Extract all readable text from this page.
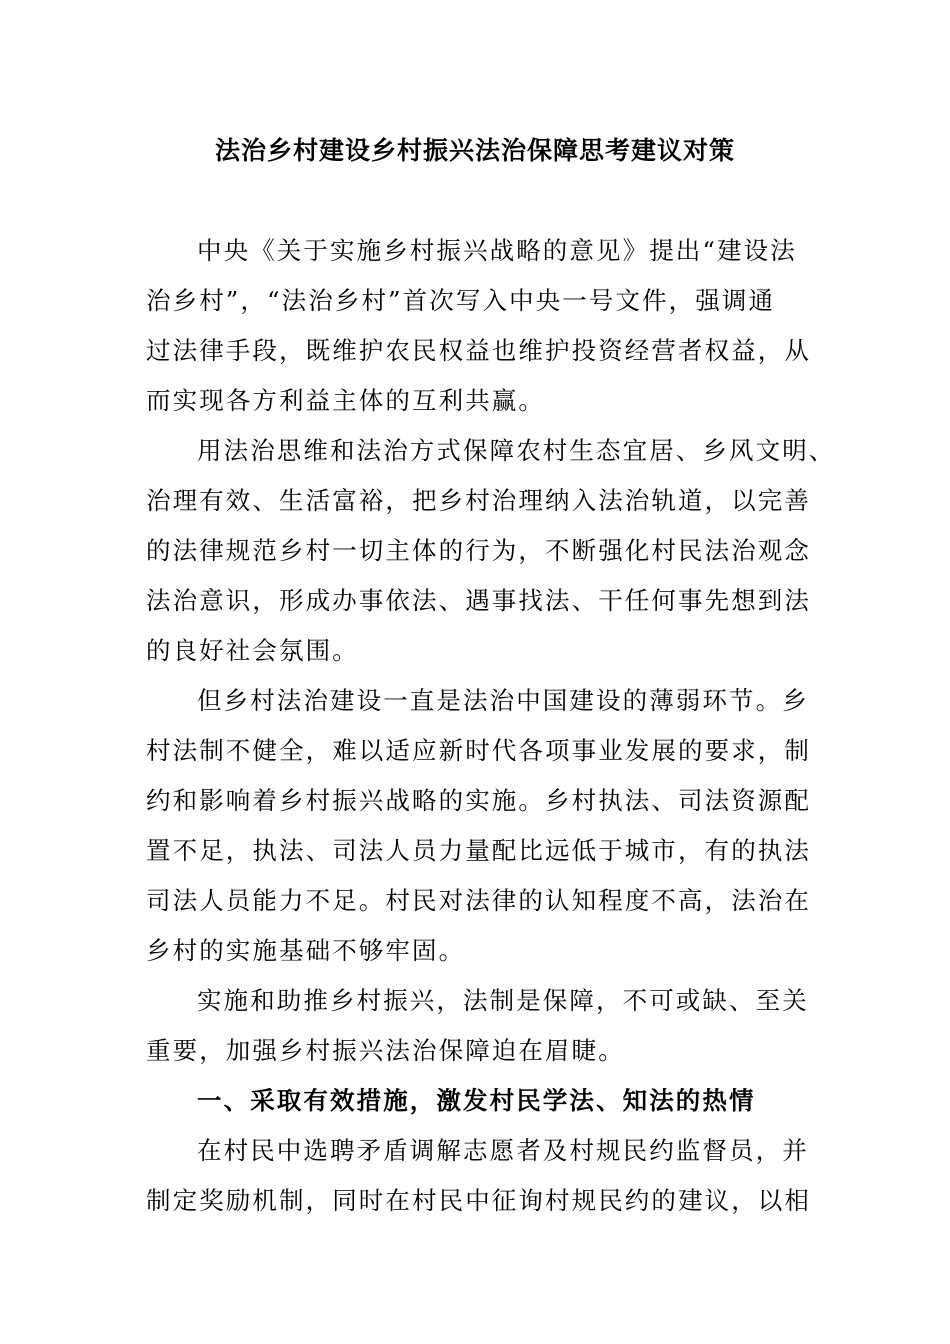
法治乡村建设乡村振兴法治保障思考建议对策
中央《关于实施乡村振兴战略的意见》提出“建设法
治乡村”，“法治乡村”首次写入中央一号文件，强调通
过法律手段，既维护农民权益也维护投资经营者权益，从
而实现各方利益主体的互利共赢。
用法治思维和法治方式保障农村生态宜居、乡风文明、
治理有效、生活富裕，把乡村治理纳入法治轨道，以完善
的法律规范乡村一切主体的行为，不断强化村民法治观念
法治意识，形成办事依法、遇事找法、干任何事先想到法
的良好社会氛围。
但乡村法治建设一直是法治中国建设的薄弱环节。乡
村法制不健全，难以适应新时代各项事业发展的要求，制
约和影响着乡村振兴战略的实施。乡村执法、司法资源配
置不足，执法、司法人员力量配比远低于城市，有的执法
司法人员能力不足。村民对法律的认知程度不高，法治在
乡村的实施基础不够牢固。
实施和助推乡村振兴，法制是保障，不可或缺、至关
重要，加强乡村振兴法治保障迫在眉睫。
一、采取有效措施，激发村民学法、知法的热情
在村民中选聘矛盾调解志愿者及村规民约监督员，并
制定奖励机制，同时在村民中征询村规民约的建议，以相
